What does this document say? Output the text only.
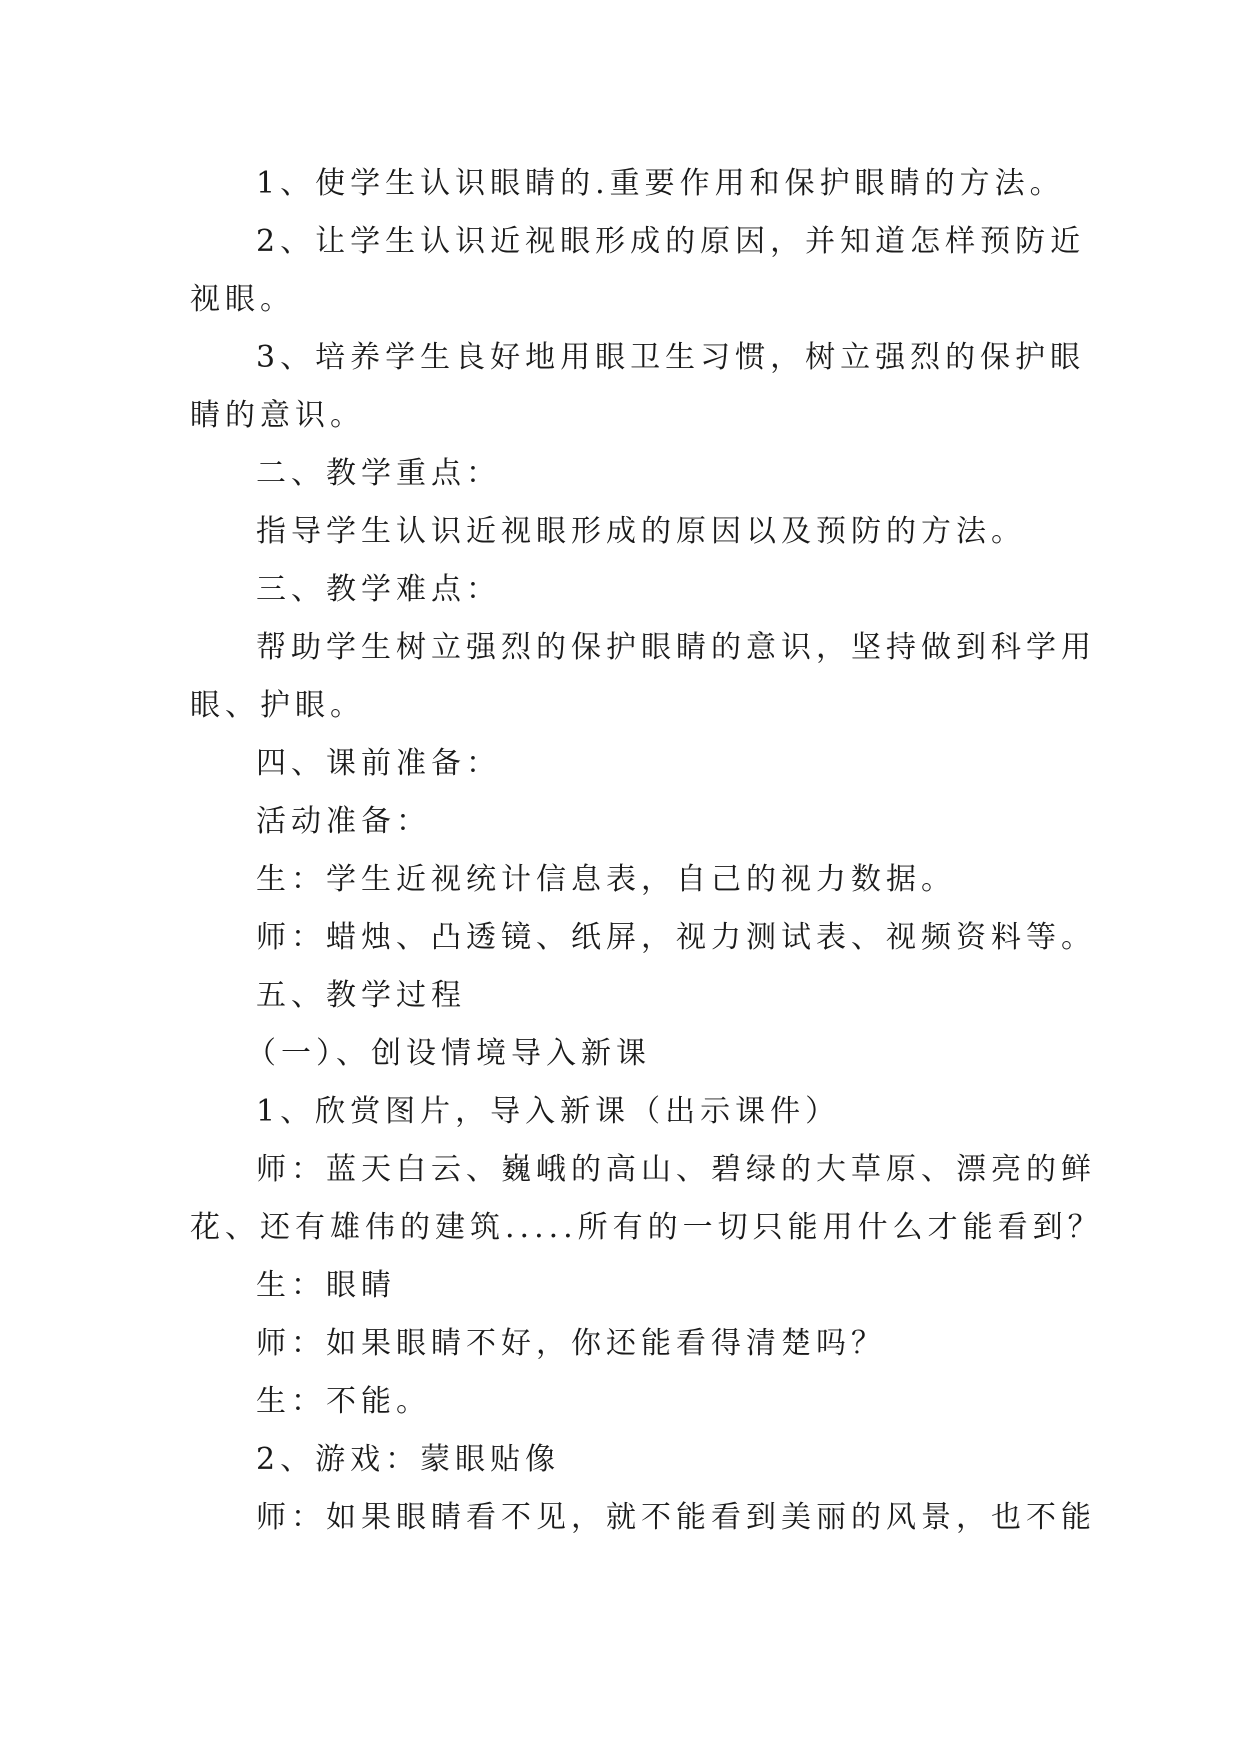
1、使学生认识眼睛的.重要作用和保护眼睛的方法。
2、让学生认识近视眼形成的原因，并知道怎样预防近
视眼。
3、培养学生良好地用眼卫生习惯，树立强烈的保护眼
睛的意识。
二、教学重点：
指导学生认识近视眼形成的原因以及预防的方法。
三、教学难点：
帮助学生树立强烈的保护眼睛的意识，坚持做到科学用
眼、护眼。
四、课前准备：
活动准备：
生：学生近视统计信息表，自己的视力数据。
师：蜡烛、凸透镜、纸屏，视力测试表、视频资料等。
五、教学过程
（一）、创设情境导入新课
1、欣赏图片，导入新课（出示课件）
师：蓝天白云、巍峨的高山、碧绿的大草原、漂亮的鲜
花、还有雄伟的建筑.....所有的一切只能用什么才能看到？
生：眼睛
师：如果眼睛不好，你还能看得清楚吗？
生：不能。
2、游戏：蒙眼贴像
师：如果眼睛看不见，就不能看到美丽的风景，也不能
